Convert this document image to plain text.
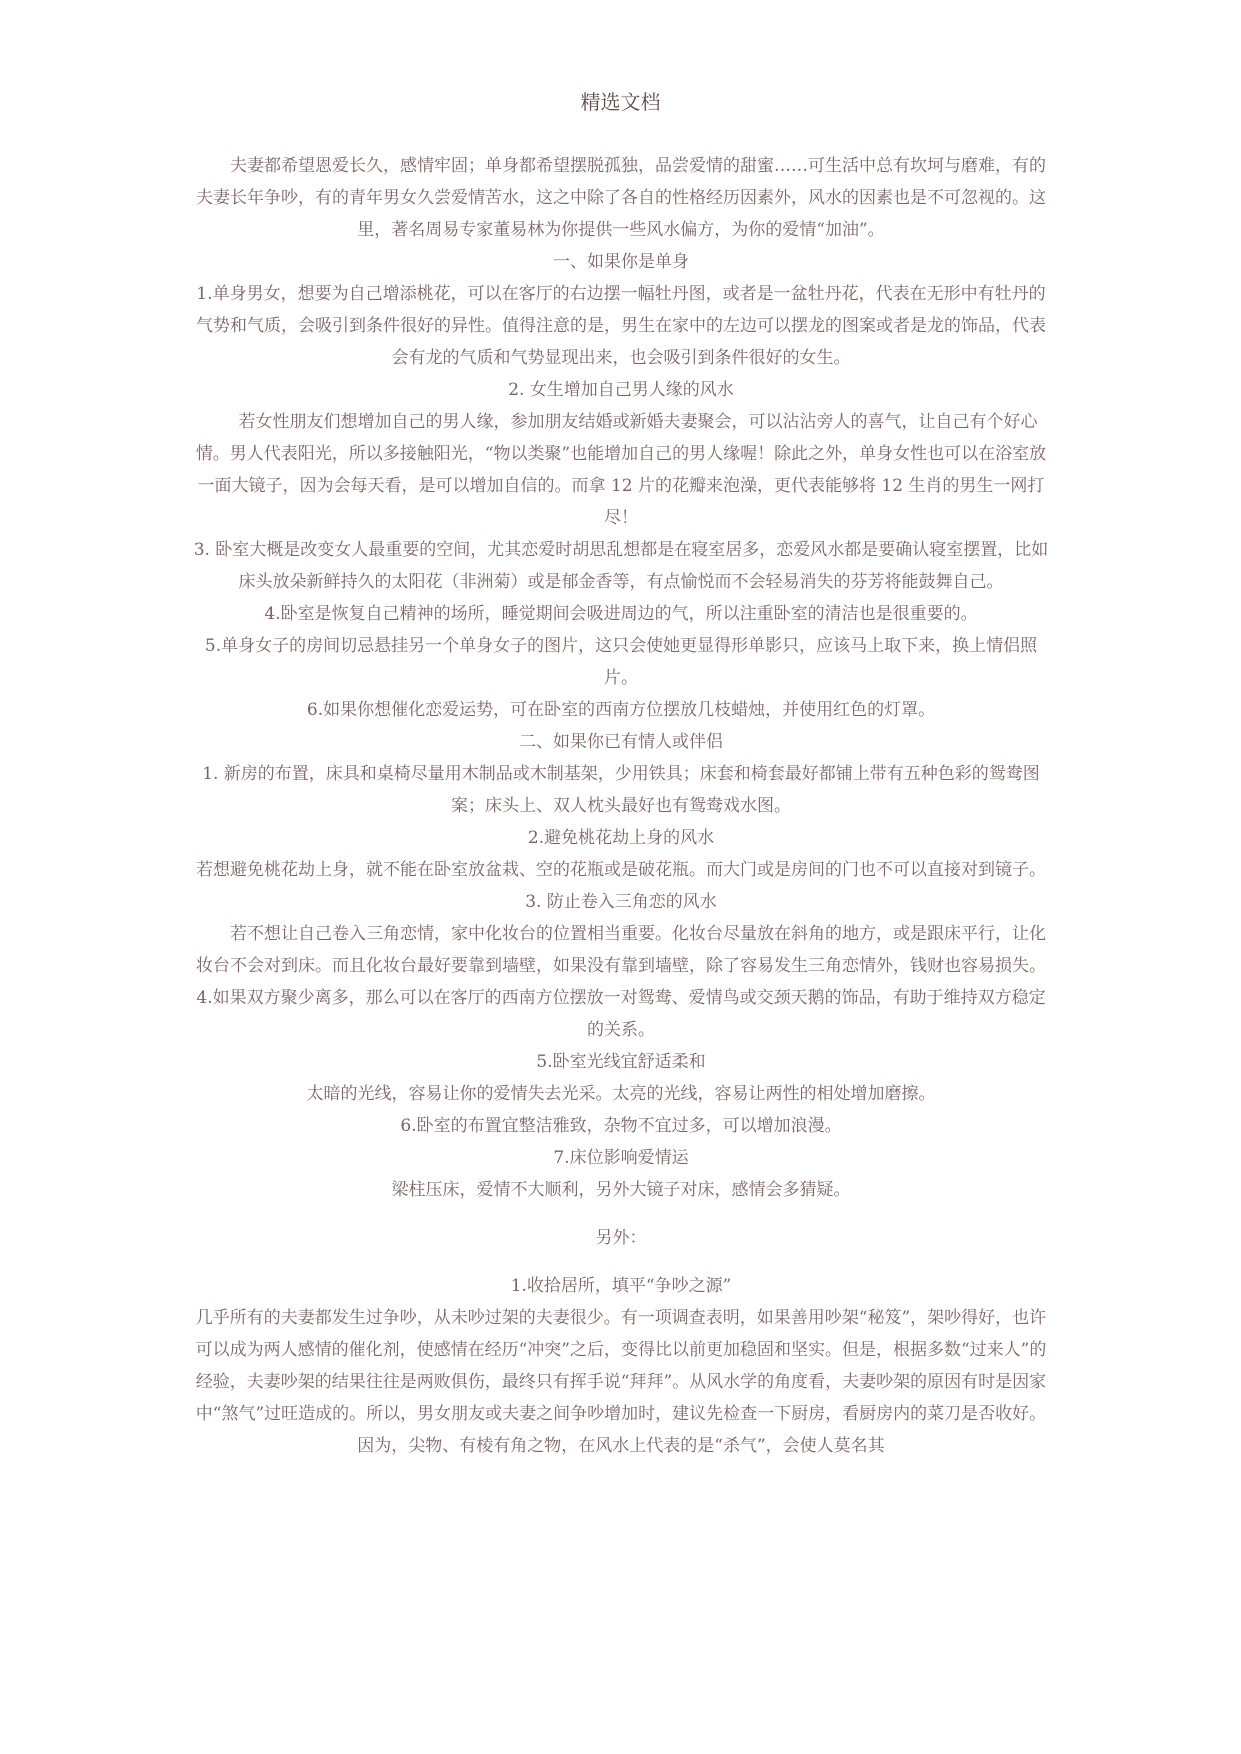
精选文档

夫妻都希望恩爱长久，感情牢固；单身都希望摆脱孤独，品尝爱情的甜蜜……可生活中总有坎坷与磨难，有的夫妻长年争吵，有的青年男女久尝爱情苦水，这之中除了各自的性格经历因素外，风水的因素也是不可忽视的。这里，著名周易专家董易林为你提供一些风水偏方，为你的爱情“加油”。

一、如果你是单身

1.单身男女，想要为自己增添桃花，可以在客厅的右边摆一幅牡丹图，或者是一盆牡丹花，代表在无形中有牡丹的气势和气质，会吸引到条件很好的异性。值得注意的是，男生在家中的左边可以摆龙的图案或者是龙的饰品，代表会有龙的气质和气势显现出来，也会吸引到条件很好的女生。

2. 女生增加自己男人缘的风水

若女性朋友们想增加自己的男人缘，参加朋友结婚或新婚夫妻聚会，可以沾沾旁人的喜气，让自己有个好心情。男人代表阳光，所以多接触阳光，“物以类聚”也能增加自己的男人缘喔！除此之外，单身女性也可以在浴室放一面大镜子，因为会每天看，是可以增加自信的。而拿 12 片的花瓣来泡澡，更代表能够将 12 生肖的男生一网打尽！

3. 卧室大概是改变女人最重要的空间，尤其恋爱时胡思乱想都是在寝室居多，恋爱风水都是要确认寝室摆置，比如床头放朵新鲜持久的太阳花（非洲菊）或是郁金香等，有点愉悦而不会轻易消失的芬芳将能鼓舞自己。

4.卧室是恢复自己精神的场所，睡觉期间会吸进周边的气，所以注重卧室的清洁也是很重要的。

5.单身女子的房间切忌悬挂另一个单身女子的图片，这只会使她更显得形单影只，应该马上取下来，换上情侣照片。

6.如果你想催化恋爱运势，可在卧室的西南方位摆放几枝蜡烛，并使用红色的灯罩。

二、如果你已有情人或伴侣

1. 新房的布置，床具和桌椅尽量用木制品或木制基架，少用铁具；床套和椅套最好都铺上带有五种色彩的鸳鸯图案；床头上、双人枕头最好也有鸳鸯戏水图。

2.避免桃花劫上身的风水

若想避免桃花劫上身，就不能在卧室放盆栽、空的花瓶或是破花瓶。而大门或是房间的门也不可以直接对到镜子。

3. 防止卷入三角恋的风水

若不想让自己卷入三角恋情，家中化妆台的位置相当重要。化妆台尽量放在斜角的地方，或是跟床平行，让化妆台不会对到床。而且化妆台最好要靠到墙壁，如果没有靠到墙壁，除了容易发生三角恋情外，钱财也容易损失。

4.如果双方聚少离多，那么可以在客厅的西南方位摆放一对鸳鸯、爱情鸟或交颈天鹅的饰品，有助于维持双方稳定的关系。

5.卧室光线宜舒适柔和

太暗的光线，容易让你的爱情失去光采。太亮的光线，容易让两性的相处增加磨擦。

6.卧室的布置宜整洁雅致，杂物不宜过多，可以增加浪漫。

7.床位影响爱情运

梁柱压床，爱情不大顺利，另外大镜子对床，感情会多猜疑。

另外：

1.收拾居所，填平“争吵之源”

几乎所有的夫妻都发生过争吵，从未吵过架的夫妻很少。有一项调查表明，如果善用吵架“秘笈”，架吵得好，也许可以成为两人感情的催化剂，使感情在经历“冲突”之后，变得比以前更加稳固和坚实。但是，根据多数“过来人”的经验，夫妻吵架的结果往往是两败俱伤，最终只有挥手说“拜拜”。从风水学的角度看，夫妻吵架的原因有时是因家中“煞气”过旺造成的。所以，男女朋友或夫妻之间争吵增加时，建议先检查一下厨房，看厨房内的菜刀是否收好。因为，尖物、有棱有角之物，在风水上代表的是“杀气”，会使人莫名其
